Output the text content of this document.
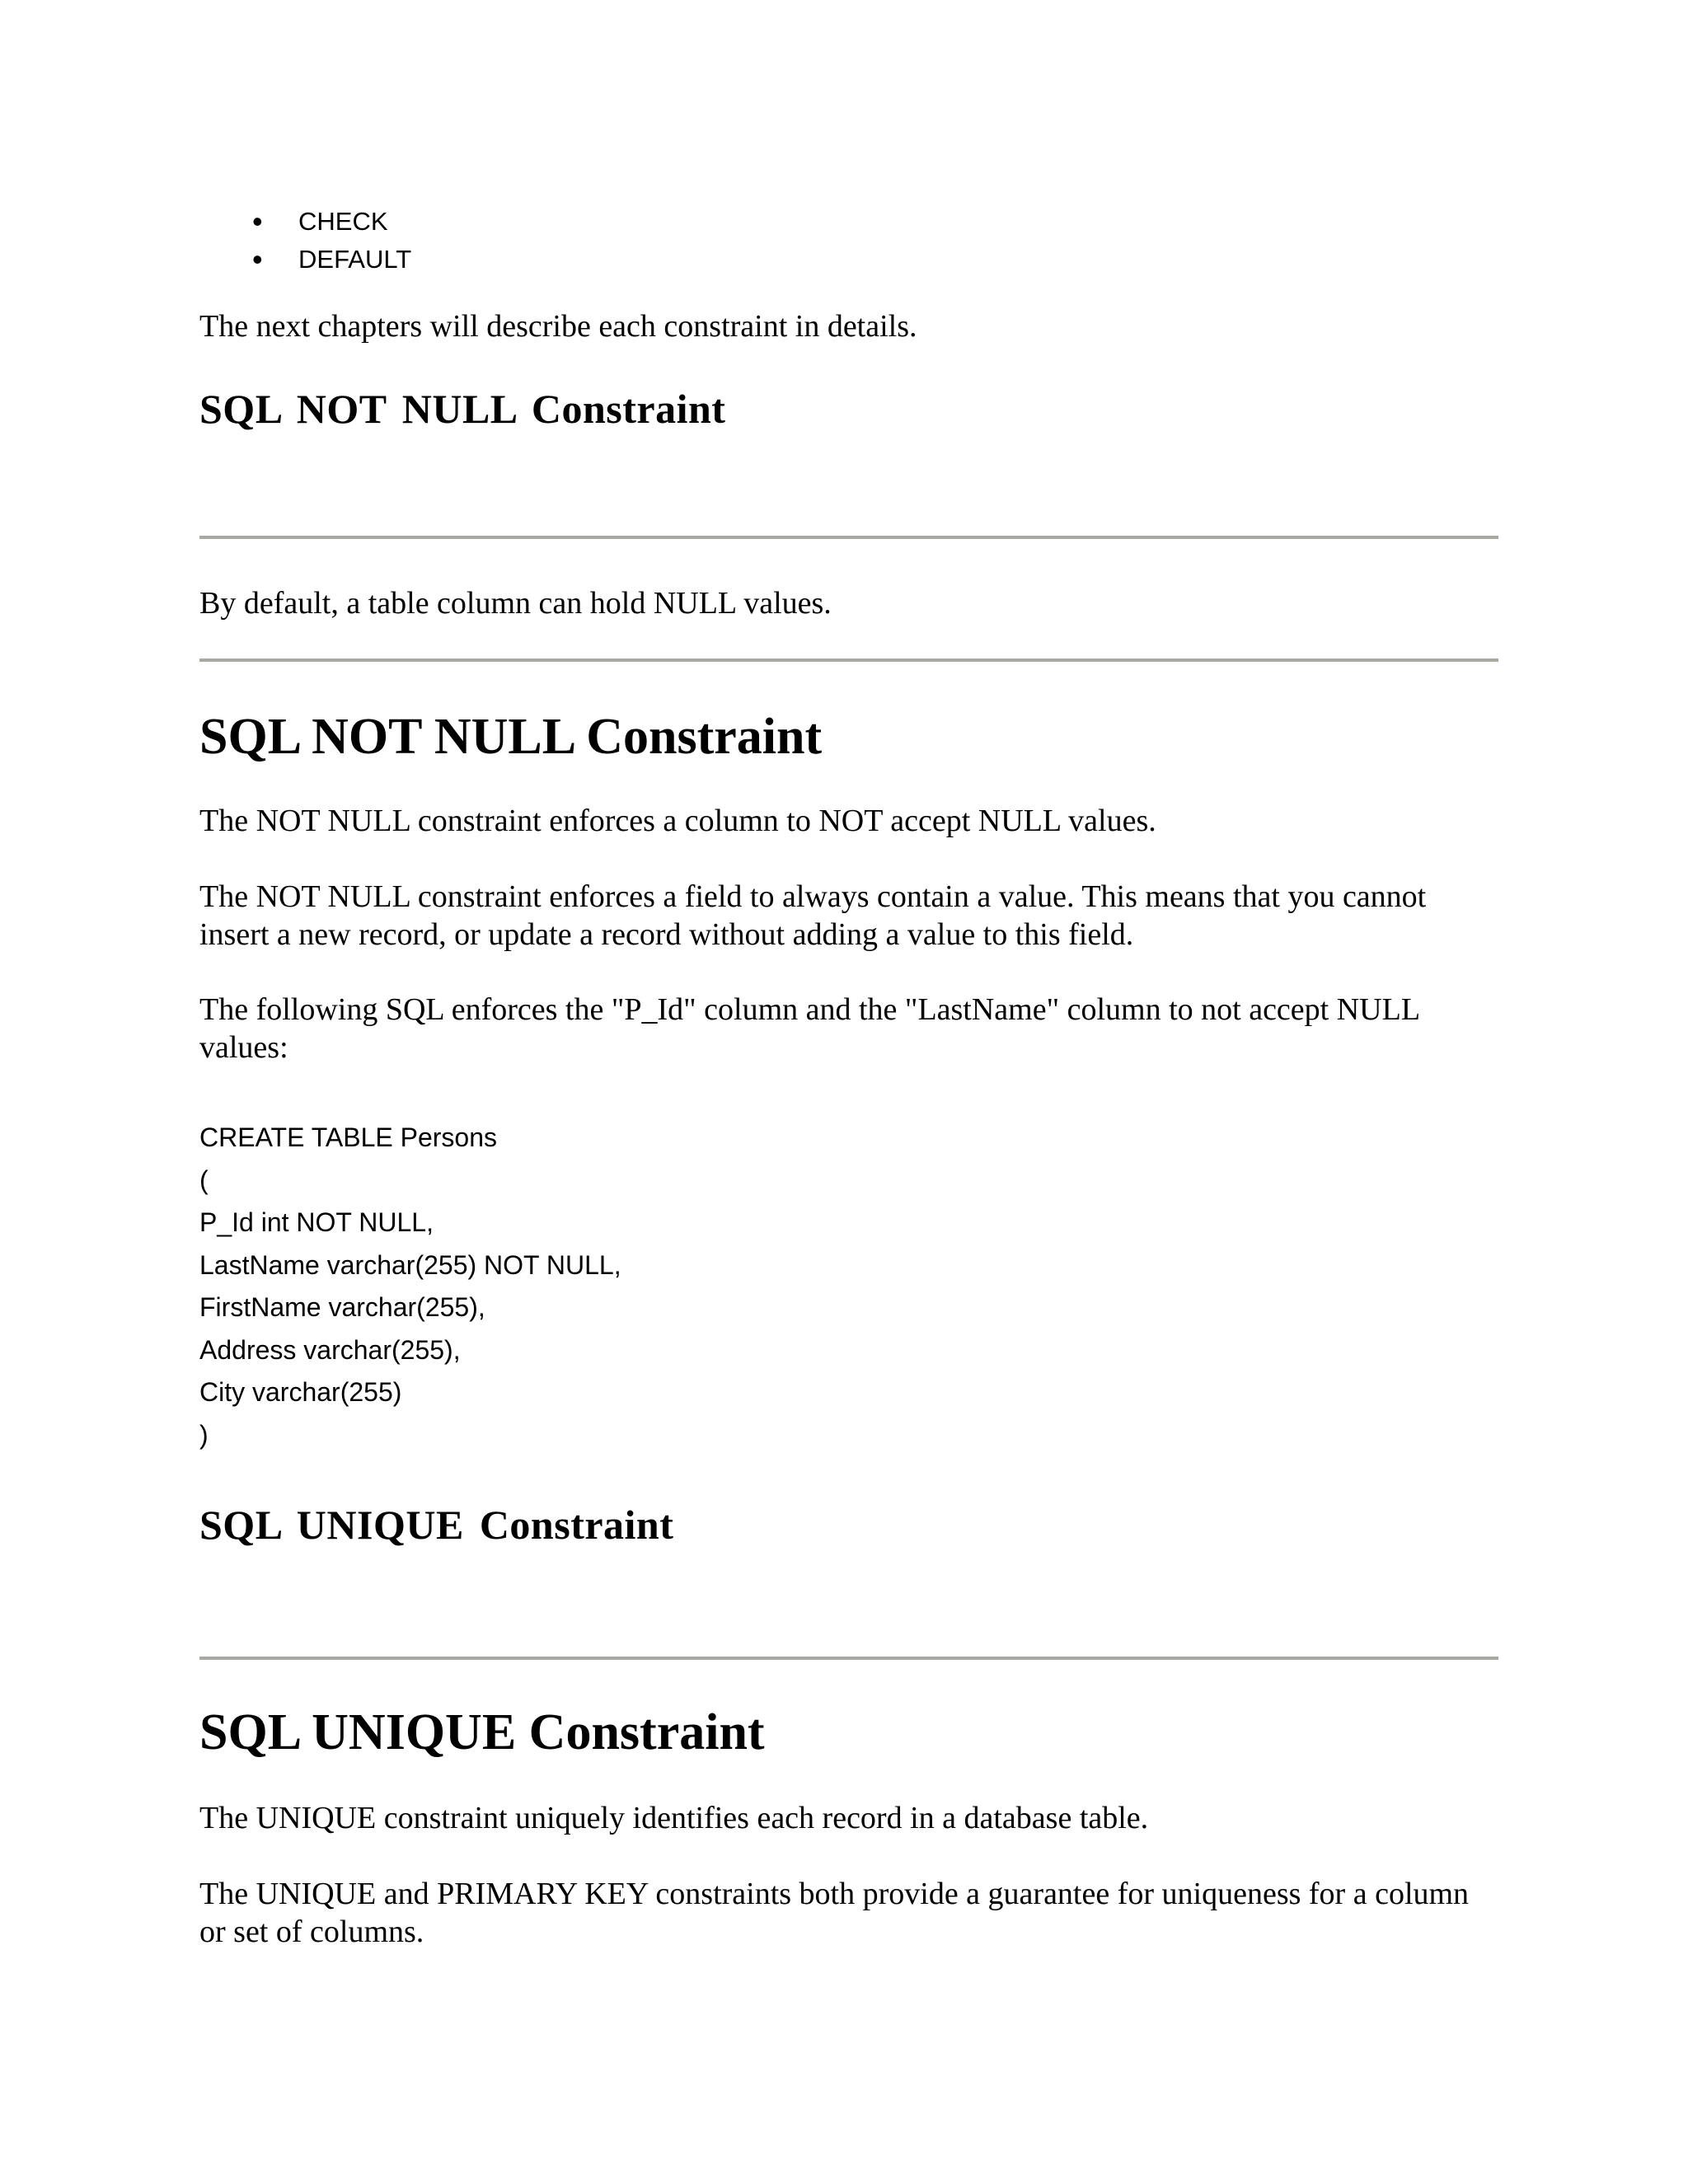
• CHECK
• DEFAULT

The next chapters will describe each constraint in details.

SQL NOT NULL Constraint

By default, a table column can hold NULL values.

SQL NOT NULL Constraint

The NOT NULL constraint enforces a column to NOT accept NULL values.

The NOT NULL constraint enforces a field to always contain a value. This means that you cannot insert a new record, or update a record without adding a value to this field.

The following SQL enforces the "P_Id" column and the "LastName" column to not accept NULL values:

CREATE TABLE Persons
(
P_Id int NOT NULL,
LastName varchar(255) NOT NULL,
FirstName varchar(255),
Address varchar(255),
City varchar(255)
)
SQL UNIQUE Constraint
SQL UNIQUE Constraint

The UNIQUE constraint uniquely identifies each record in a database table.

The UNIQUE and PRIMARY KEY constraints both provide a guarantee for uniqueness for a column or set of columns.
